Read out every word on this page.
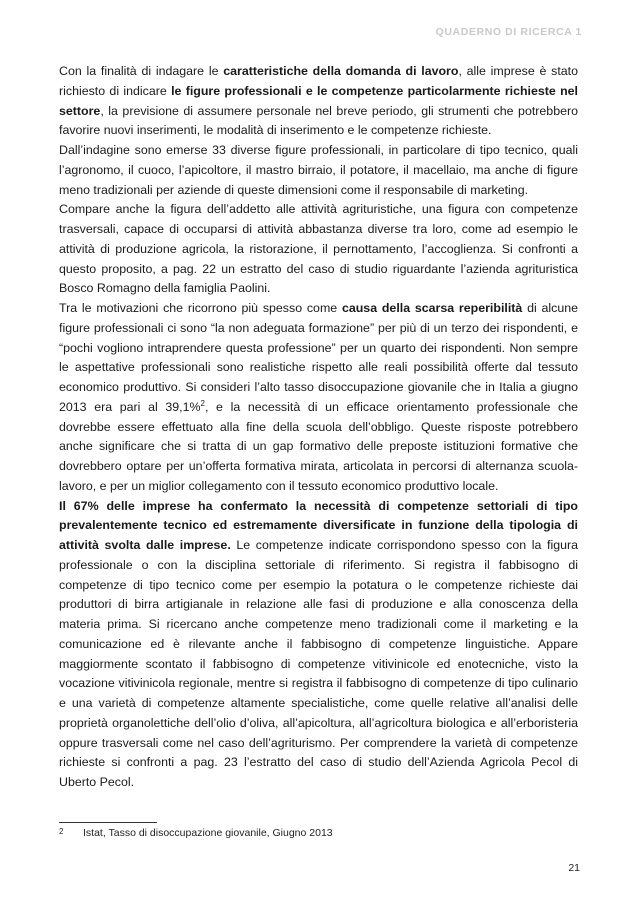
QUADERNO DI RICERCA 1

Con la finalità di indagare le caratteristiche della domanda di lavoro, alle imprese è stato richiesto di indicare le figure professionali e le competenze particolarmente richieste nel settore, la previsione di assumere personale nel breve periodo, gli strumenti che potrebbero favorire nuovi inserimenti, le modalità di inserimento e le competenze richieste.

Dall’indagine sono emerse 33 diverse figure professionali, in particolare di tipo tecnico, quali l’agronomo, il cuoco, l’apicoltore, il mastro birraio, il potatore, il macellaio, ma anche di figure meno tradizionali per aziende di queste dimensioni come il responsabile di marketing.

Compare anche la figura dell’addetto alle attività agrituristiche, una figura con competenze trasversali, capace di occuparsi di attività abbastanza diverse tra loro, come ad esempio le attività di produzione agricola, la ristorazione, il pernottamento, l’accoglienza. Si confronti a questo proposito, a pag. 22 un estratto del caso di studio riguardante l’azienda agrituristica Bosco Romagno della famiglia Paolini.

Tra le motivazioni che ricorrono più spesso come causa della scarsa reperibilità di alcune figure professionali ci sono “la non adeguata formazione” per più di un terzo dei rispondenti, e “pochi vogliono intraprendere questa professione” per un quarto dei rispondenti. Non sempre le aspettative professionali sono realistiche rispetto alle reali possibilità offerte dal tessuto economico produttivo. Si consideri l’alto tasso disoccupazione giovanile che in Italia a giugno 2013 era pari al 39,1%$^2$, e la necessità di un efficace orientamento professionale che dovrebbe essere effettuato alla fine della scuola dell’obbligo. Queste risposte potrebbero anche significare che si tratta di un gap formativo delle preposte istituzioni formative che dovrebbero optare per un’offerta formativa mirata, articolata in percorsi di alternanza scuola-lavoro, e per un miglior collegamento con il tessuto economico produttivo locale.

Il 67% delle imprese ha confermato la necessità di competenze settoriali di tipo prevalentemente tecnico ed estremamente diversificate in funzione della tipologia di attività svolta dalle imprese. Le competenze indicate corrispondono spesso con la figura professionale o con la disciplina settoriale di riferimento. Si registra il fabbisogno di competenze di tipo tecnico come per esempio la potatura o le competenze richieste dai produttori di birra artigianale in relazione alle fasi di produzione e alla conoscenza della materia prima. Si ricercano anche competenze meno tradizionali come il marketing e la comunicazione ed è rilevante anche il fabbisogno di competenze linguistiche. Appare maggiormente scontato il fabbisogno di competenze vitivinicole ed enotecniche, visto la vocazione vitivinicola regionale, mentre si registra il fabbisogno di competenze di tipo culinario e una varietà di competenze altamente specialistiche, come quelle relative all’analisi delle proprietà organolettiche dell’olio d’oliva, all’apicoltura, all’agricoltura biologica e all’erboristeria oppure trasversali come nel caso dell’agriturismo. Per comprendere la varietà di competenze richieste si confronti a pag. 23 l’estratto del caso di studio dell’Azienda Agricola Pecol di Uberto Pecol.

2 Istat, Tasso di disoccupazione giovanile, Giugno 2013
21
